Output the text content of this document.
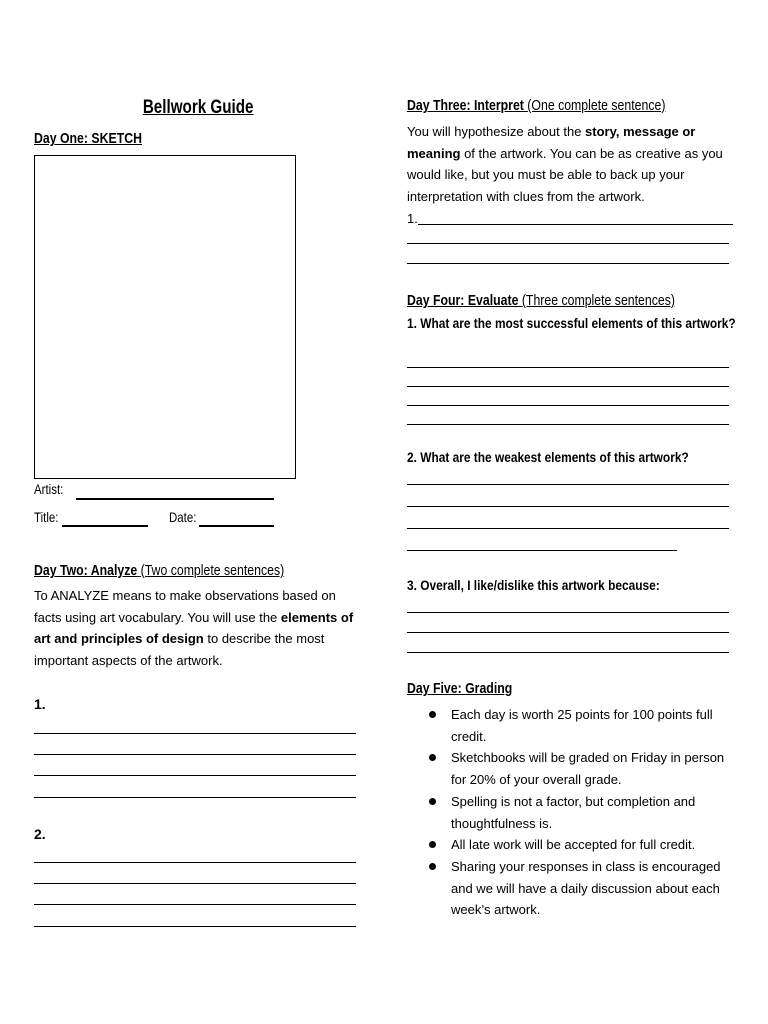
Bellwork Guide
Day One: SKETCH
Artist:
Title:	Date:
Day Two: Analyze (Two complete sentences)
To ANALYZE means to make observations based on facts using art vocabulary. You will use the elements of art and principles of design to describe the most important aspects of the artwork.
1.
2.
Day Three: Interpret (One complete sentence)
You will hypothesize about the story, message or meaning of the artwork. You can be as creative as you would like, but you must be able to back up your interpretation with clues from the artwork.
1.
Day Four: Evaluate (Three complete sentences)
1. What are the most successful elements of this artwork?
2. What are the weakest elements of this artwork?
3. Overall, I like/dislike this artwork because:
Day Five: Grading
Each day is worth 25 points for 100 points full credit.
Sketchbooks will be graded on Friday in person for 20% of your overall grade.
Spelling is not a factor, but completion and thoughtfulness is.
All late work will be accepted for full credit.
Sharing your responses in class is encouraged and we will have a daily discussion about each week’s artwork.
